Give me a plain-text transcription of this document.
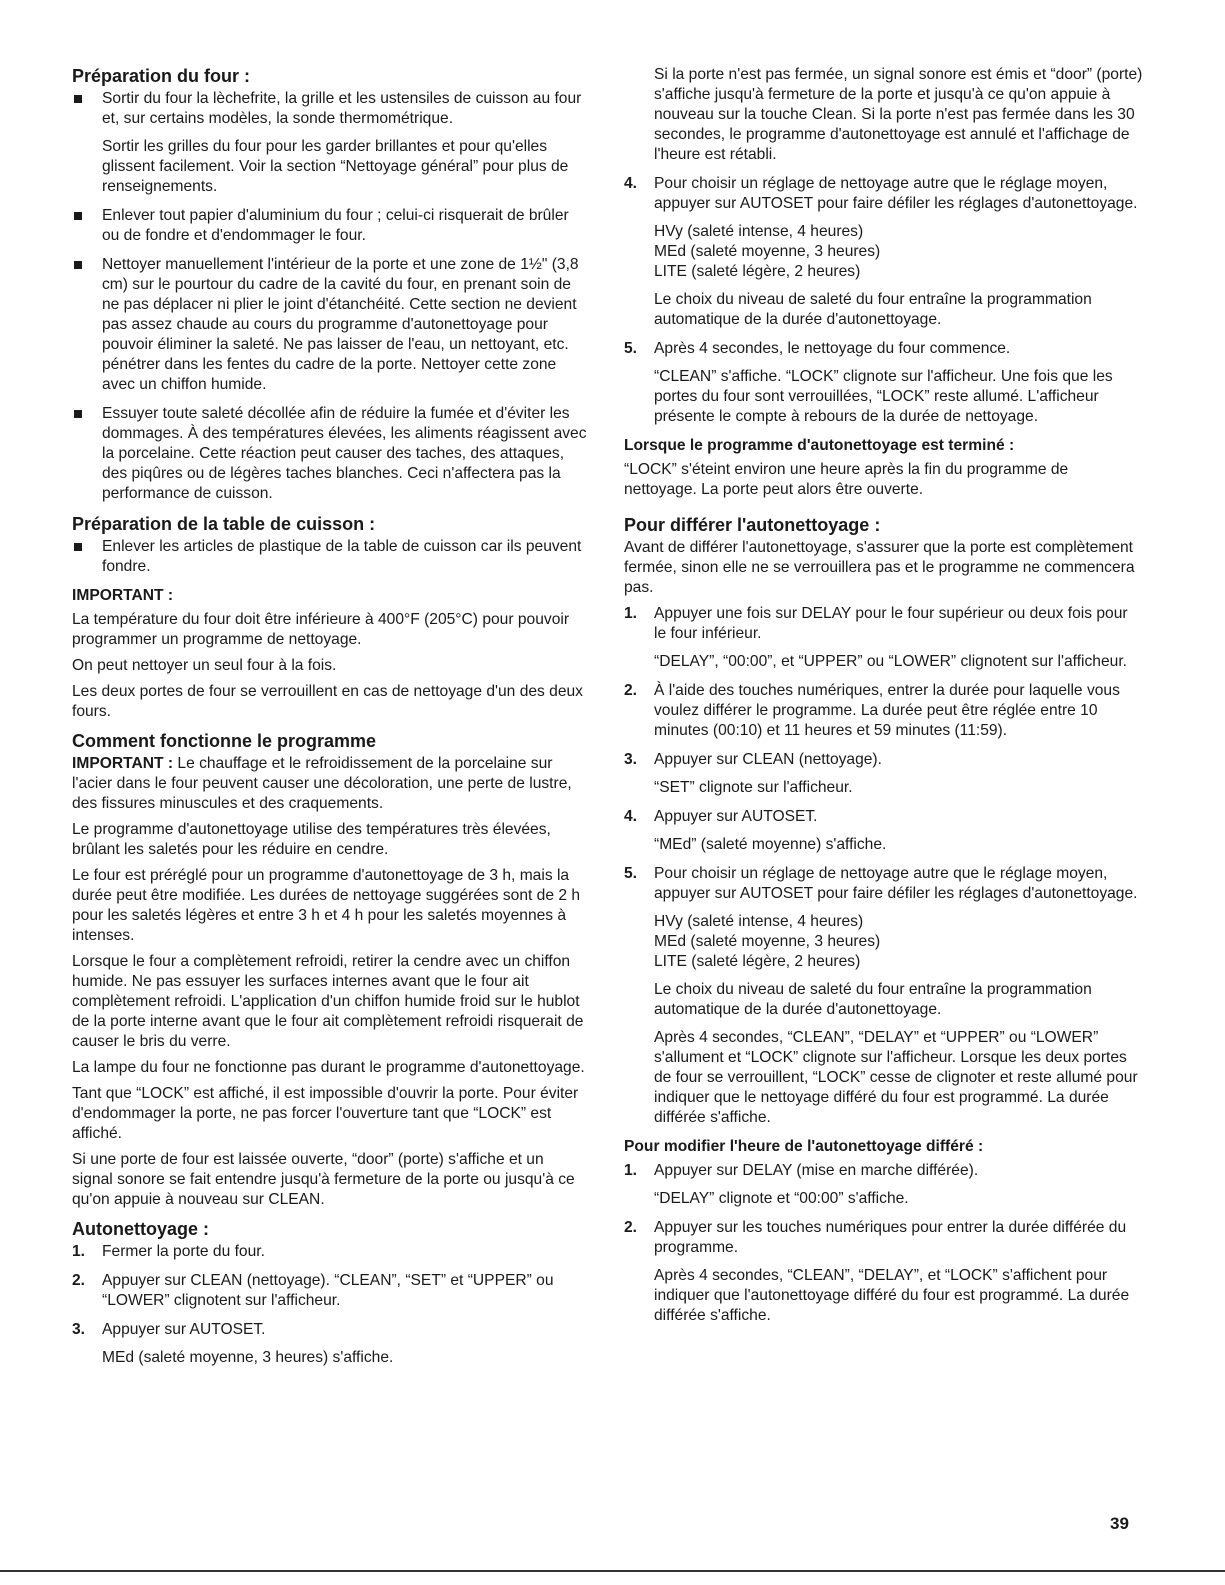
Préparation du four :
Sortir du four la lèchefrite, la grille et les ustensiles de cuisson au four et, sur certains modèles, la sonde thermométrique.
Sortir les grilles du four pour les garder brillantes et pour qu'elles glissent facilement. Voir la section “Nettoyage général” pour plus de renseignements.
Enlever tout papier d'aluminium du four ; celui-ci risquerait de brûler ou de fondre et d'endommager le four.
Nettoyer manuellement l'intérieur de la porte et une zone de 1½" (3,8 cm) sur le pourtour du cadre de la cavité du four, en prenant soin de ne pas déplacer ni plier le joint d'étanchéité. Cette section ne devient pas assez chaude au cours du programme d'autonettoyage pour pouvoir éliminer la saleté. Ne pas laisser de l'eau, un nettoyant, etc. pénétrer dans les fentes du cadre de la porte. Nettoyer cette zone avec un chiffon humide.
Essuyer toute saleté décollée afin de réduire la fumée et d'éviter les dommages. À des températures élevées, les aliments réagissent avec la porcelaine. Cette réaction peut causer des taches, des attaques, des piqûres ou de légères taches blanches. Ceci n'affectera pas la performance de cuisson.
Préparation de la table de cuisson :
Enlever les articles de plastique de la table de cuisson car ils peuvent fondre.
IMPORTANT :
La température du four doit être inférieure à 400°F (205°C) pour pouvoir programmer un programme de nettoyage.
On peut nettoyer un seul four à la fois.
Les deux portes de four se verrouillent en cas de nettoyage d'un des deux fours.
Comment fonctionne le programme
IMPORTANT : Le chauffage et le refroidissement de la porcelaine sur l'acier dans le four peuvent causer une décoloration, une perte de lustre, des fissures minuscules et des craquements.
Le programme d'autonettoyage utilise des températures très élevées, brûlant les saletés pour les réduire en cendre.
Le four est préréglé pour un programme d'autonettoyage de 3 h, mais la durée peut être modifiée. Les durées de nettoyage suggérées sont de 2 h pour les saletés légères et entre 3 h et 4 h pour les saletés moyennes à intenses.
Lorsque le four a complètement refroidi, retirer la cendre avec un chiffon humide. Ne pas essuyer les surfaces internes avant que le four ait complètement refroidi. L'application d'un chiffon humide froid sur le hublot de la porte interne avant que le four ait complètement refroidi risquerait de causer le bris du verre.
La lampe du four ne fonctionne pas durant le programme d'autonettoyage.
Tant que “LOCK” est affiché, il est impossible d'ouvrir la porte. Pour éviter d'endommager la porte, ne pas forcer l'ouverture tant que “LOCK” est affiché.
Si une porte de four est laissée ouverte, “door” (porte) s'affiche et un signal sonore se fait entendre jusqu'à fermeture de la porte ou jusqu'à ce qu'on appuie à nouveau sur CLEAN.
Autonettoyage :
1. Fermer la porte du four.
2. Appuyer sur CLEAN (nettoyage). “CLEAN”, “SET” et “UPPER” ou “LOWER” clignotent sur l'afficheur.
3. Appuyer sur AUTOSET.
MEd (saleté moyenne, 3 heures) s'affiche.
Si la porte n'est pas fermée, un signal sonore est émis et “door” (porte) s'affiche jusqu'à fermeture de la porte et jusqu'à ce qu'on appuie à nouveau sur la touche Clean. Si la porte n'est pas fermée dans les 30 secondes, le programme d'autonettoyage est annulé et l'affichage de l'heure est rétabli.
4. Pour choisir un réglage de nettoyage autre que le réglage moyen, appuyer sur AUTOSET pour faire défiler les réglages d'autonettoyage.
HVy (saleté intense, 4 heures)
MEd (saleté moyenne, 3 heures)
LITE (saleté légère, 2 heures)
Le choix du niveau de saleté du four entraîne la programmation automatique de la durée d'autonettoyage.
5. Après 4 secondes, le nettoyage du four commence.
“CLEAN” s'affiche. “LOCK” clignote sur l'afficheur. Une fois que les portes du four sont verrouillées, “LOCK” reste allumé. L'afficheur présente le compte à rebours de la durée de nettoyage.
Lorsque le programme d'autonettoyage est terminé :
“LOCK” s'éteint environ une heure après la fin du programme de nettoyage. La porte peut alors être ouverte.
Pour différer l'autonettoyage :
Avant de différer l'autonettoyage, s'assurer que la porte est complètement fermée, sinon elle ne se verrouillera pas et le programme ne commencera pas.
1. Appuyer une fois sur DELAY pour le four supérieur ou deux fois pour le four inférieur.
“DELAY”, “00:00”, et “UPPER” ou “LOWER” clignotent sur l'afficheur.
2. À l'aide des touches numériques, entrer la durée pour laquelle vous voulez différer le programme. La durée peut être réglée entre 10 minutes (00:10) et 11 heures et 59 minutes (11:59).
3. Appuyer sur CLEAN (nettoyage).
“SET” clignote sur l'afficheur.
4. Appuyer sur AUTOSET.
“MEd” (saleté moyenne) s'affiche.
5. Pour choisir un réglage de nettoyage autre que le réglage moyen, appuyer sur AUTOSET pour faire défiler les réglages d'autonettoyage.
HVy (saleté intense, 4 heures)
MEd (saleté moyenne, 3 heures)
LITE (saleté légère, 2 heures)
Le choix du niveau de saleté du four entraîne la programmation automatique de la durée d'autonettoyage.
Après 4 secondes, “CLEAN”, “DELAY” et “UPPER” ou “LOWER” s'allument et “LOCK” clignote sur l'afficheur. Lorsque les deux portes de four se verrouillent, “LOCK” cesse de clignoter et reste allumé pour indiquer que le nettoyage différé du four est programmé. La durée différée s'affiche.
Pour modifier l'heure de l'autonettoyage différé :
1. Appuyer sur DELAY (mise en marche différée).
“DELAY” clignote et “00:00” s'affiche.
2. Appuyer sur les touches numériques pour entrer la durée différée du programme.
Après 4 secondes, “CLEAN”, “DELAY”, et “LOCK” s'affichent pour indiquer que l'autonettoyage différé du four est programmé. La durée différée s'affiche.
39
